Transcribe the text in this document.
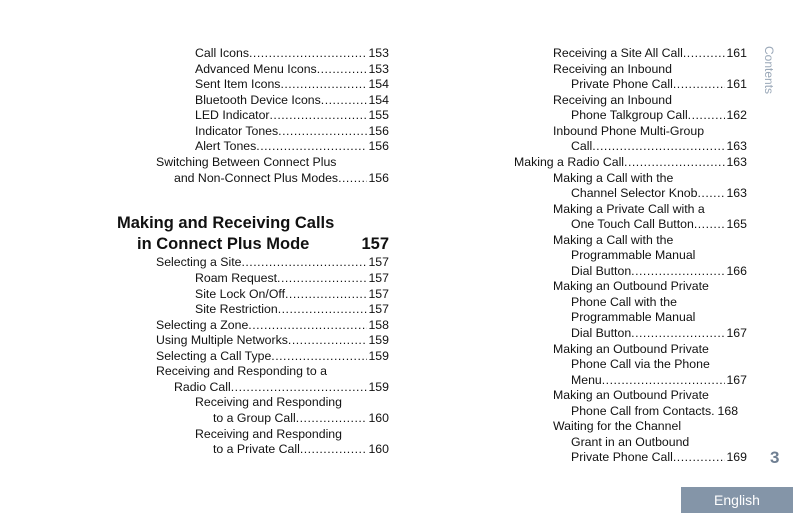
Call Icons .....	153
Advanced Menu Icons .....	153
Sent Item Icons .....	154
Bluetooth Device Icons .....	154
LED Indicator .....	155
Indicator Tones .....	156
Alert Tones .....	156
Switching Between Connect Plus
and Non-Connect Plus Modes ..... 156
Making and Receiving Calls
in Connect Plus Mode	157
Selecting a Site .....	157
Roam Request .....	157
Site Lock On/Off .....	157
Site Restriction .....	157
Selecting a Zone .....	158
Using Multiple Networks .....	159
Selecting a Call Type .....	159
Receiving and Responding to a
Radio Call .....	159
Receiving and Responding
to a Group Call .....	160
Receiving and Responding
to a Private Call .....	160
Receiving a Site All Call .....	161
Receiving an Inbound
Private Phone Call .....	161
Receiving an Inbound
Phone Talkgroup Call .....	162
Inbound Phone Multi-Group
Call .....	163
Making a Radio Call .....	163
Making a Call with the
Channel Selector Knob ..... 163
Making a Private Call with a
One Touch Call Button .....	165
Making a Call with the
Programmable Manual
Dial Button .....	166
Making an Outbound Private
Phone Call with the
Programmable Manual
Dial Button .....	167
Making an Outbound Private
Phone Call via the Phone
Menu .....	167
Making an Outbound Private
Phone Call from Contacts. 168
Waiting for the Channel
Grant in an Outbound
Private Phone Call .....	169
Contents
3
English
